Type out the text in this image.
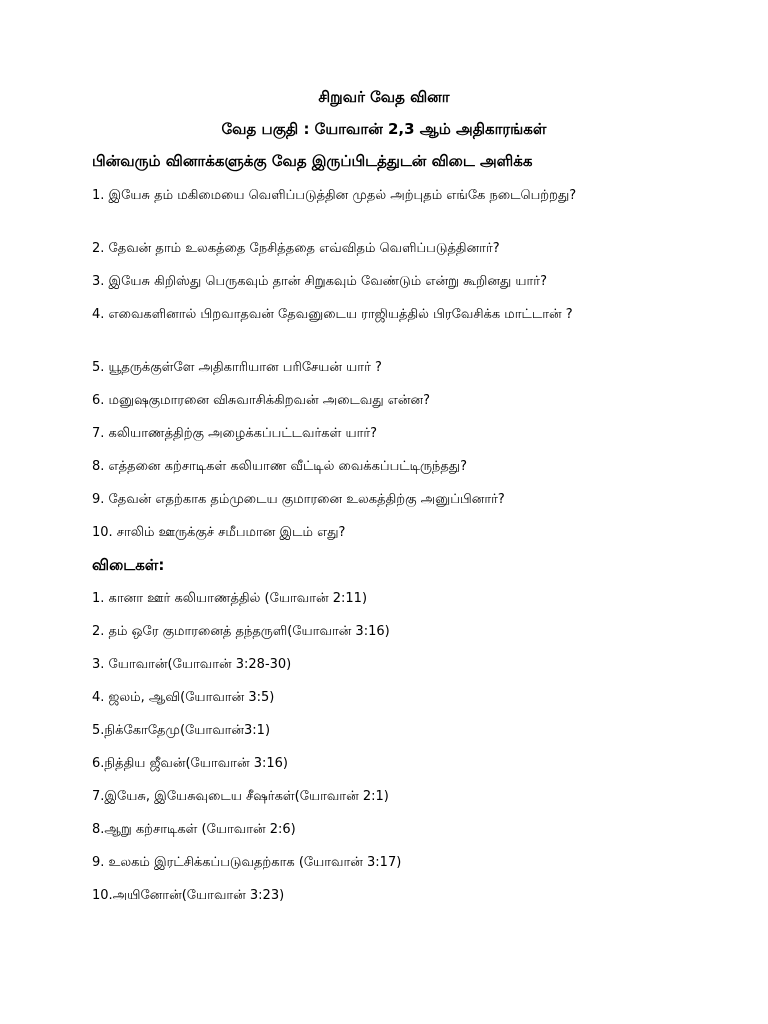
சிறுவர் வேத வினா
வேத பகுதி : யோவான் 2,3 ஆம் அதிகாரங்கள்
பின்வரும் வினாக்களுக்கு வேத இருப்பிடத்துடன் விடை அளிக்க
1. இயேசு தம் மகிமையை வெளிப்படுத்தின முதல் அற்புதம் எங்கே நடைபெற்றது?
2. தேவன் தாம் உலகத்தை நேசித்ததை எவ்விதம் வெளிப்படுத்தினார்?
3. இயேசு கிறிஸ்து பெருகவும் தான் சிறுகவும் வேண்டும் என்று கூறினது யார்?
4. எவைகளினால் பிறவாதவன் தேவனுடைய ராஜியத்தில் பிரவேசிக்க மாட்டான் ?
5. யூதருக்குள்ளே அதிகாரியான பரிசேயன் யார் ?
6. மனுஷகுமாரனை விசுவாசிக்கிறவன் அடைவது என்ன?
7. கலியாணத்திற்கு அழைக்கப்பட்டவர்கள் யார்?
8. எத்தனை கற்சாடிகள் கலியாண வீட்டில் வைக்கப்பட்டிருந்தது?
9. தேவன் எதற்காக தம்முடைய குமாரனை உலகத்திற்கு அனுப்பினார்?
10. சாலிம் ஊருக்குச் சமீபமான இடம் எது?
விடைகள்:
1. கானா ஊர் கலியாணத்தில் (யோவான் 2:11)
2. தம் ஒரே குமாரனைத் தந்தருளி(யோவான் 3:16)
3. யோவான்(யோவான் 3:28-30)
4. ஜலம், ஆவி(யோவான் 3:5)
5.நிக்கோதேமு(யோவான்3:1)
6.நித்திய ஜீவன்(யோவான் 3:16)
7.இயேசு, இயேசுவுடைய சீஷர்கள்(யோவான் 2:1)
8.ஆறு கற்சாடிகள் (யோவான் 2:6)
9. உலகம் இரட்சிக்கப்படுவதற்காக (யோவான் 3:17)
10.அயினோன்(யோவான் 3:23)
